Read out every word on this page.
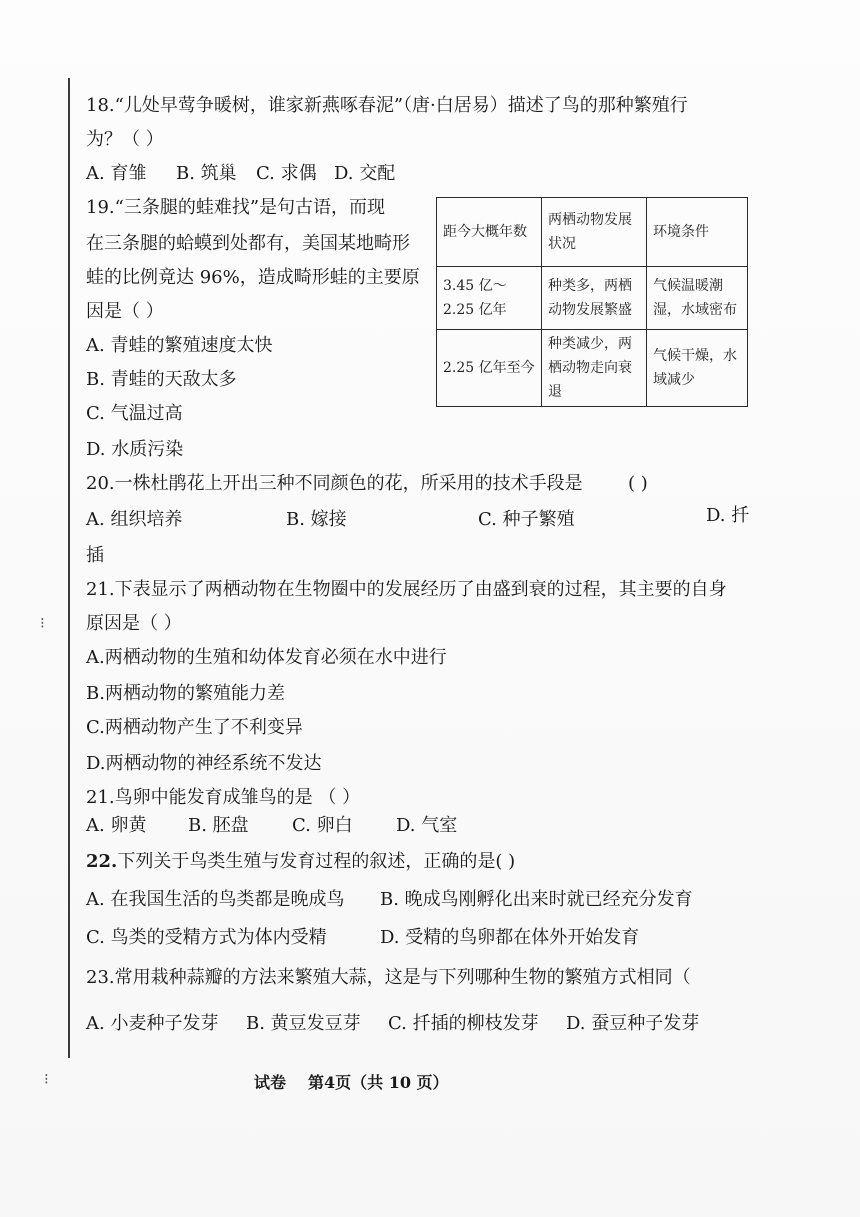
⁝
⁝
18.“儿处早莺争暖树，谁家新燕啄春泥”（唐·白居易）描述了鸟的那种繁殖行
为？（ ）
A. 育雏 B. 筑巢 C. 求偶 D. 交配
19.“三条腿的蛙难找”是句古语，而现
在三条腿的蛤蟆到处都有，美国某地畸形
蛙的比例竟达 96%，造成畸形蛙的主要原
因是（ ）
A. 青蛙的繁殖速度太快
B. 青蛙的天敌太多
C. 气温过高
D. 水质污染
距今大概年数	两栖动物发展状况	环境条件
3.45 亿～2.25 亿年	种类多，两栖动物发展繁盛	气候温暖潮湿，水域密布
2.25 亿年至今	种类减少，两栖动物走向衰退	气候干燥，水域减少
20.一株杜鹃花上开出三种不同颜色的花，所采用的技术手段是	( )
A. 组织培养	B. 嫁接	C. 种子繁殖	D. 扦
插
21.下表显示了两栖动物在生物圈中的发展经历了由盛到衰的过程，其主要的自身
原因是（ ）
A.两栖动物的生殖和幼体发育必须在水中进行
B.两栖动物的繁殖能力差
C.两栖动物产生了不利变异
D.两栖动物的神经系统不发达
21.鸟卵中能发育成雏鸟的是 （ ）
A. 卵黄 B. 胚盘 C. 卵白 D. 气室
22.下列关于鸟类生殖与发育过程的叙述，正确的是( )
A. 在我国生活的鸟类都是晚成鸟 B. 晚成鸟刚孵化出来时就已经充分发育
C. 鸟类的受精方式为体内受精	D. 受精的鸟卵都在体外开始发育
23.常用栽种蒜瓣的方法来繁殖大蒜，这是与下列哪种生物的繁殖方式相同（
A. 小麦种子发芽 B. 黄豆发豆芽 C. 扦插的柳枝发芽 D. 蚕豆种子发芽
试卷 第4页（共 10 页）
